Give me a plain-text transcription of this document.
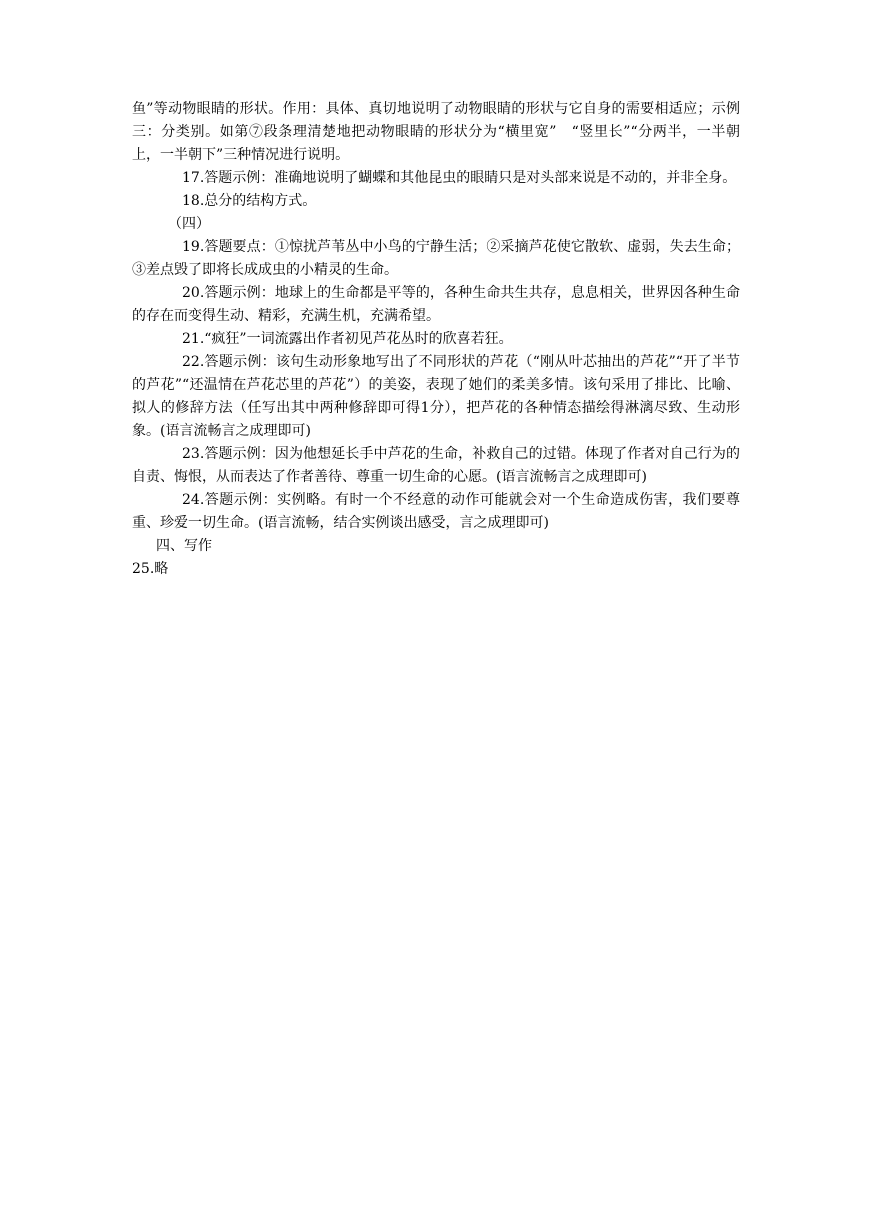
鱼”等动物眼睛的形状。作用：具体、真切地说明了动物眼睛的形状与它自身的需要相适应；示例三：分类别。如第⑦段条理清楚地把动物眼睛的形状分为“横里宽”　“竖里长”“分两半，一半朝上，一半朝下”三种情况进行说明。

17.答题示例：准确地说明了蝴蝶和其他昆虫的眼睛只是对头部来说是不动的，并非全身。

18.总分的结构方式。

（四）

19.答题要点：①惊扰芦苇丛中小鸟的宁静生活；②采摘芦花使它散软、虚弱，失去生命；③差点毁了即将长成成虫的小精灵的生命。

20.答题示例：地球上的生命都是平等的，各种生命共生共存，息息相关，世界因各种生命的存在而变得生动、精彩，充满生机，充满希望。

21.“疯狂”一词流露出作者初见芦花丛时的欣喜若狂。

22.答题示例：该句生动形象地写出了不同形状的芦花（“刚从叶芯抽出的芦花”“开了半节的芦花”“还温情在芦花芯里的芦花”）的美姿，表现了她们的柔美多情。该句采用了排比、比喻、拟人的修辞方法（任写出其中两种修辞即可得1分），把芦花的各种情态描绘得淋漓尽致、生动形象。(语言流畅言之成理即可)

23.答题示例：因为他想延长手中芦花的生命，补救自己的过错。体现了作者对自己行为的自责、悔恨，从而表达了作者善待、尊重一切生命的心愿。(语言流畅言之成理即可)

24.答题示例：实例略。有时一个不经意的动作可能就会对一个生命造成伤害，我们要尊重、珍爱一切生命。(语言流畅，结合实例谈出感受，言之成理即可)

四、写作

25.略
